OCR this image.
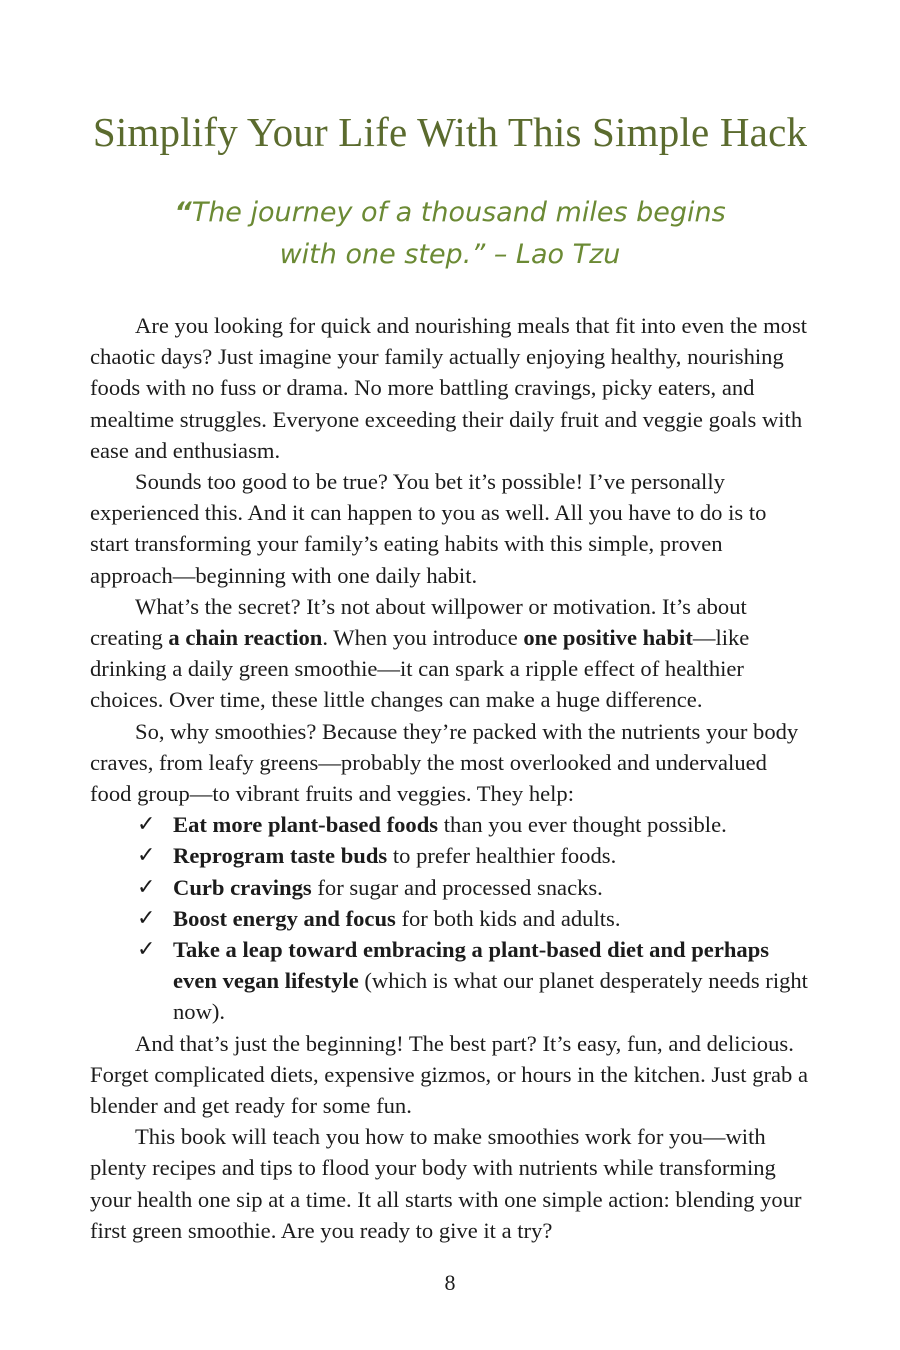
Simplify Your Life With This Simple Hack
“The journey of a thousand miles begins
with one step.” – Lao Tzu

Are you looking for quick and nourishing meals that fit into even the most chaotic days? Just imagine your family actually enjoying healthy, nourishing foods with no fuss or drama. No more battling cravings, picky eaters, and mealtime struggles. Everyone exceeding their daily fruit and veggie goals with ease and enthusiasm.

Sounds too good to be true? You bet it’s possible! I’ve personally experienced this. And it can happen to you as well. All you have to do is to start transforming your family’s eating habits with this simple, proven approach—beginning with one daily habit.

What’s the secret? It’s not about willpower or motivation. It’s about creating a chain reaction. When you introduce one positive habit—like drinking a daily green smoothie—it can spark a ripple effect of healthier choices. Over time, these little changes can make a huge difference.

So, why smoothies? Because they’re packed with the nutrients your body craves, from leafy greens—probably the most overlooked and undervalued food group—to vibrant fruits and veggies. They help:

✓ Eat more plant-based foods than you ever thought possible.
✓ Reprogram taste buds to prefer healthier foods.
✓ Curb cravings for sugar and processed snacks.
✓ Boost energy and focus for both kids and adults.
✓ Take a leap toward embracing a plant-based diet and perhaps even vegan lifestyle (which is what our planet desperately needs right now).

And that’s just the beginning! The best part? It’s easy, fun, and delicious. Forget complicated diets, expensive gizmos, or hours in the kitchen. Just grab a blender and get ready for some fun.

This book will teach you how to make smoothies work for you—with plenty recipes and tips to flood your body with nutrients while transforming your health one sip at a time. It all starts with one simple action: blending your first green smoothie. Are you ready to give it a try?

8
